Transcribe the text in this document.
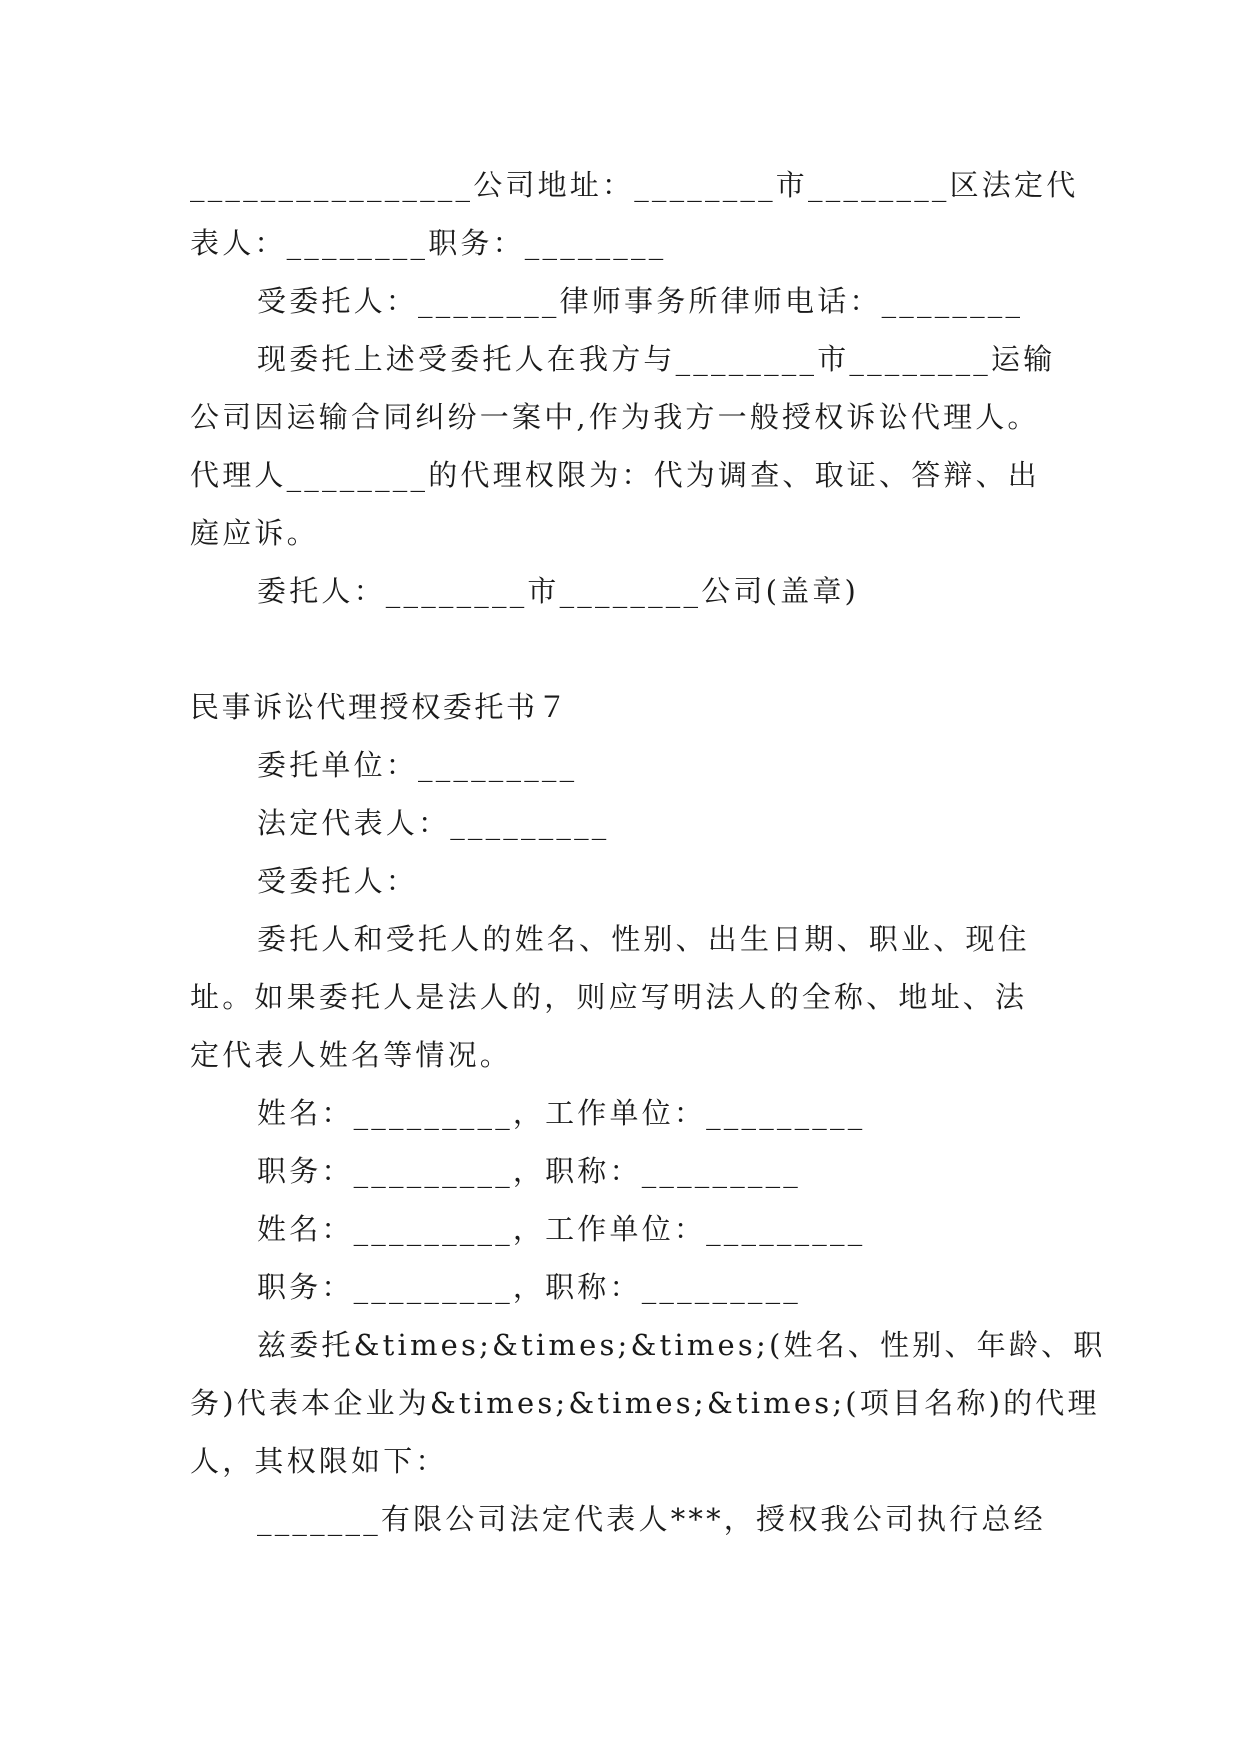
________________公司地址：________市________区法定代
表人：________职务：________
受委托人：________律师事务所律师电话：________
现委托上述受委托人在我方与________市________运输
公司因运输合同纠纷一案中,作为我方一般授权诉讼代理人。
代理人________的代理权限为：代为调查、取证、答辩、出
庭应诉。
委托人：________市________公司(盖章)
民事诉讼代理授权委托书７
委托单位：_________
法定代表人：_________
受委托人：
委托人和受托人的姓名、性别、出生日期、职业、现住
址。如果委托人是法人的，则应写明法人的全称、地址、法
定代表人姓名等情况。
姓名：_________，工作单位：_________
职务：_________，职称：_________
姓名：_________，工作单位：_________
职务：_________，职称：_________
兹委托&times;&times;&times;(姓名、性别、年龄、职
务)代表本企业为&times;&times;&times;(项目名称)的代理
人，其权限如下：
_______有限公司法定代表人***，授权我公司执行总经
